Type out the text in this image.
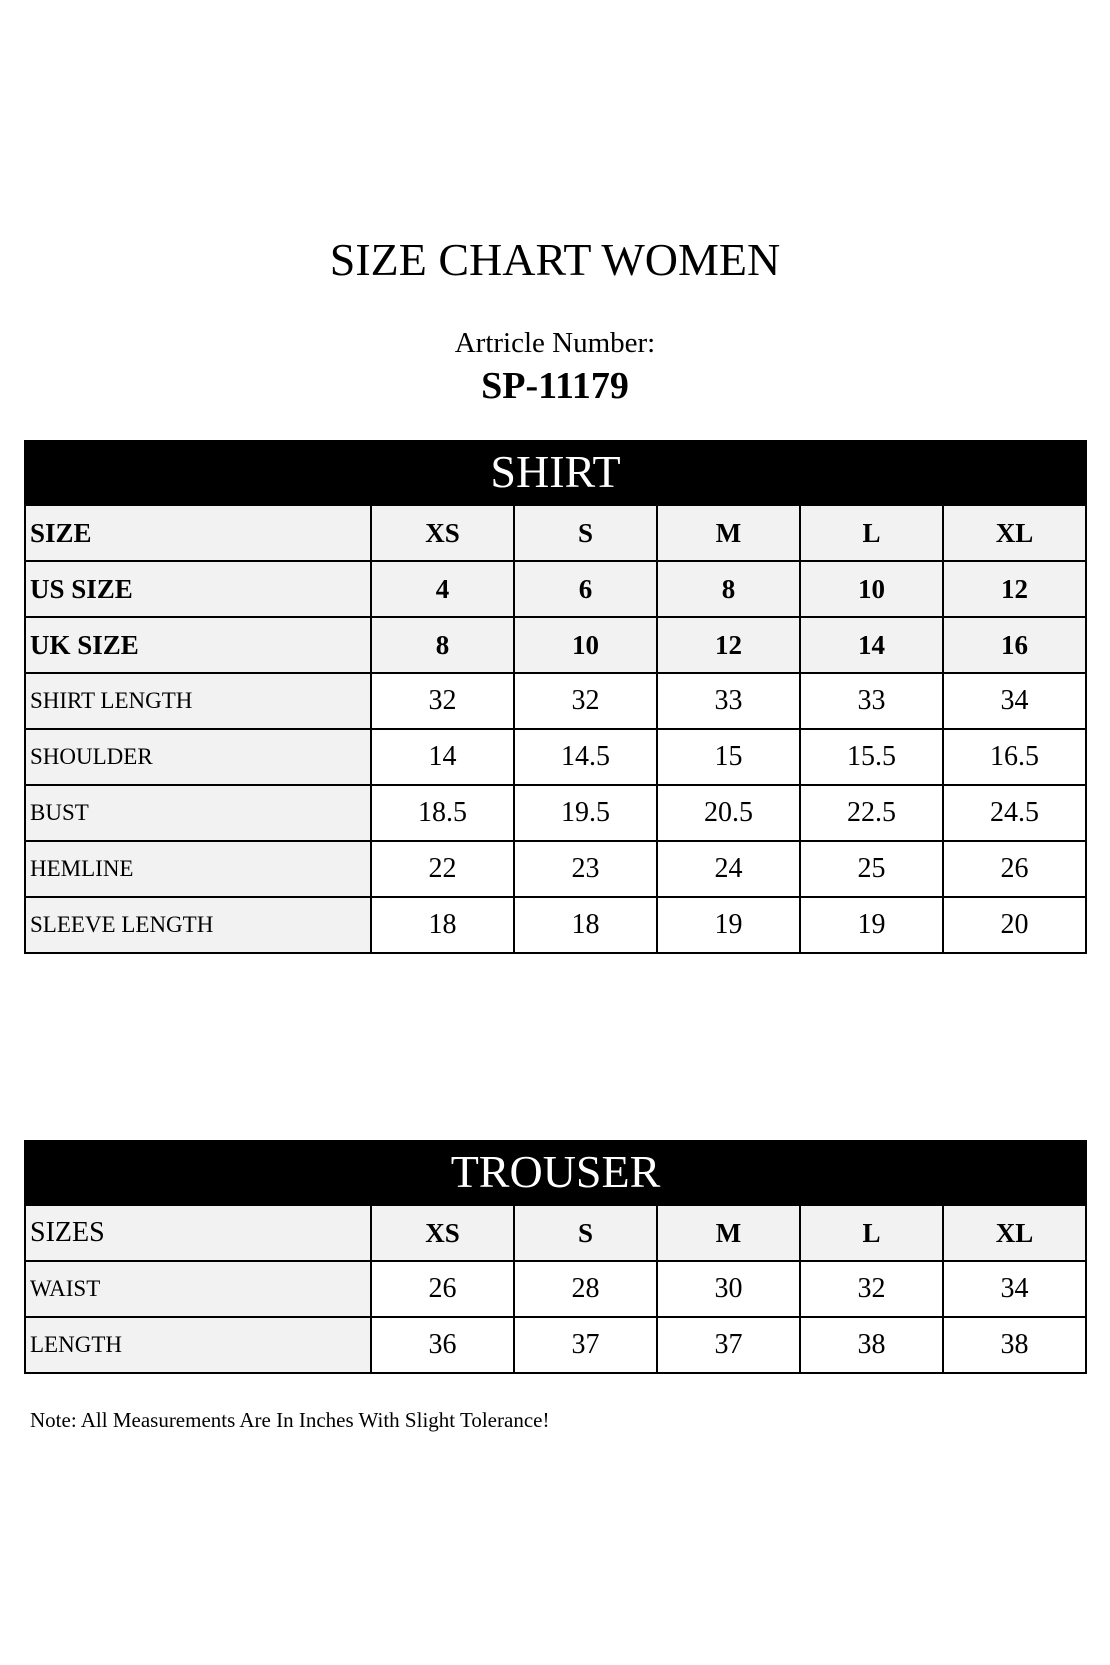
SIZE CHART WOMEN
Artricle Number:
SP-11179
SHIRT
SIZE	XS	S	M	L	XL
US SIZE	4	6	8	10	12
UK SIZE	8	10	12	14	16
SHIRT LENGTH	32	32	33	33	34
SHOULDER	14	14.5	15	15.5	16.5
BUST	18.5	19.5	20.5	22.5	24.5
HEMLINE	22	23	24	25	26
SLEEVE LENGTH	18	18	19	19	20
TROUSER
SIZES	XS	S	M	L	XL
WAIST	26	28	30	32	34
LENGTH	36	37	37	38	38
Note: All Measurements Are In Inches With Slight Tolerance!
